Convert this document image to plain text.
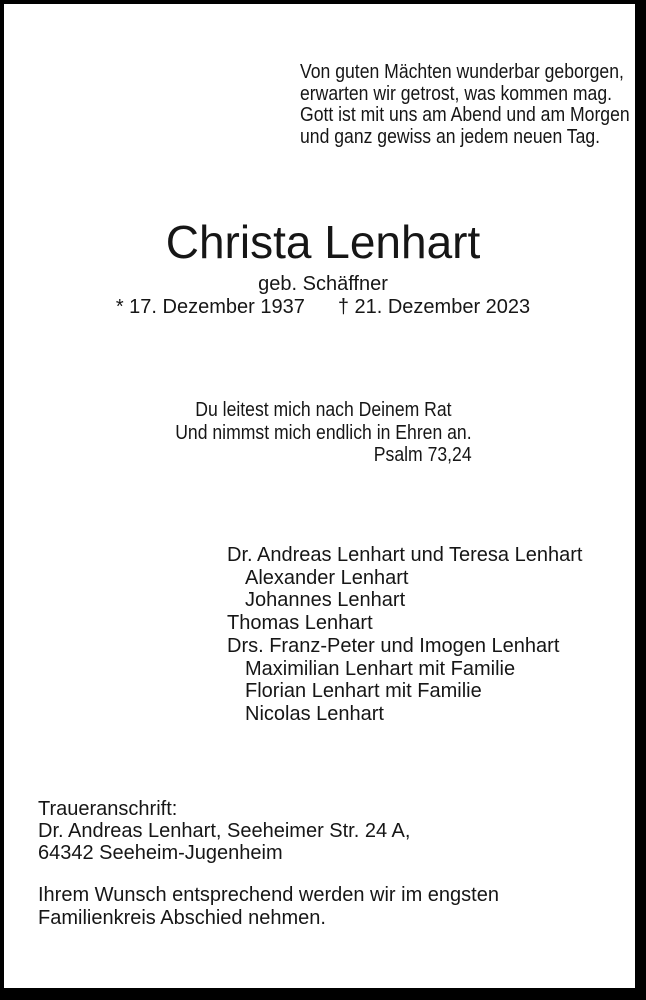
Von guten Mächten wunderbar geborgen,
erwarten wir getrost, was kommen mag.
Gott ist mit uns am Abend und am Morgen
und ganz gewiss an jedem neuen Tag.
Christa Lenhart
geb. Schäffner
* 17. Dezember 1937 † 21. Dezember 2023
Du leitest mich nach Deinem Rat
Und nimmst mich endlich in Ehren an.
Psalm 73,24
Dr. Andreas Lenhart und Teresa Lenhart
Alexander Lenhart
Johannes Lenhart
Thomas Lenhart
Drs. Franz-Peter und Imogen Lenhart
Maximilian Lenhart mit Familie
Florian Lenhart mit Familie
Nicolas Lenhart
Traueranschrift:
Dr. Andreas Lenhart, Seeheimer Str. 24 A,
64342 Seeheim-Jugenheim
Ihrem Wunsch entsprechend werden wir im engsten
Familienkreis Abschied nehmen.
